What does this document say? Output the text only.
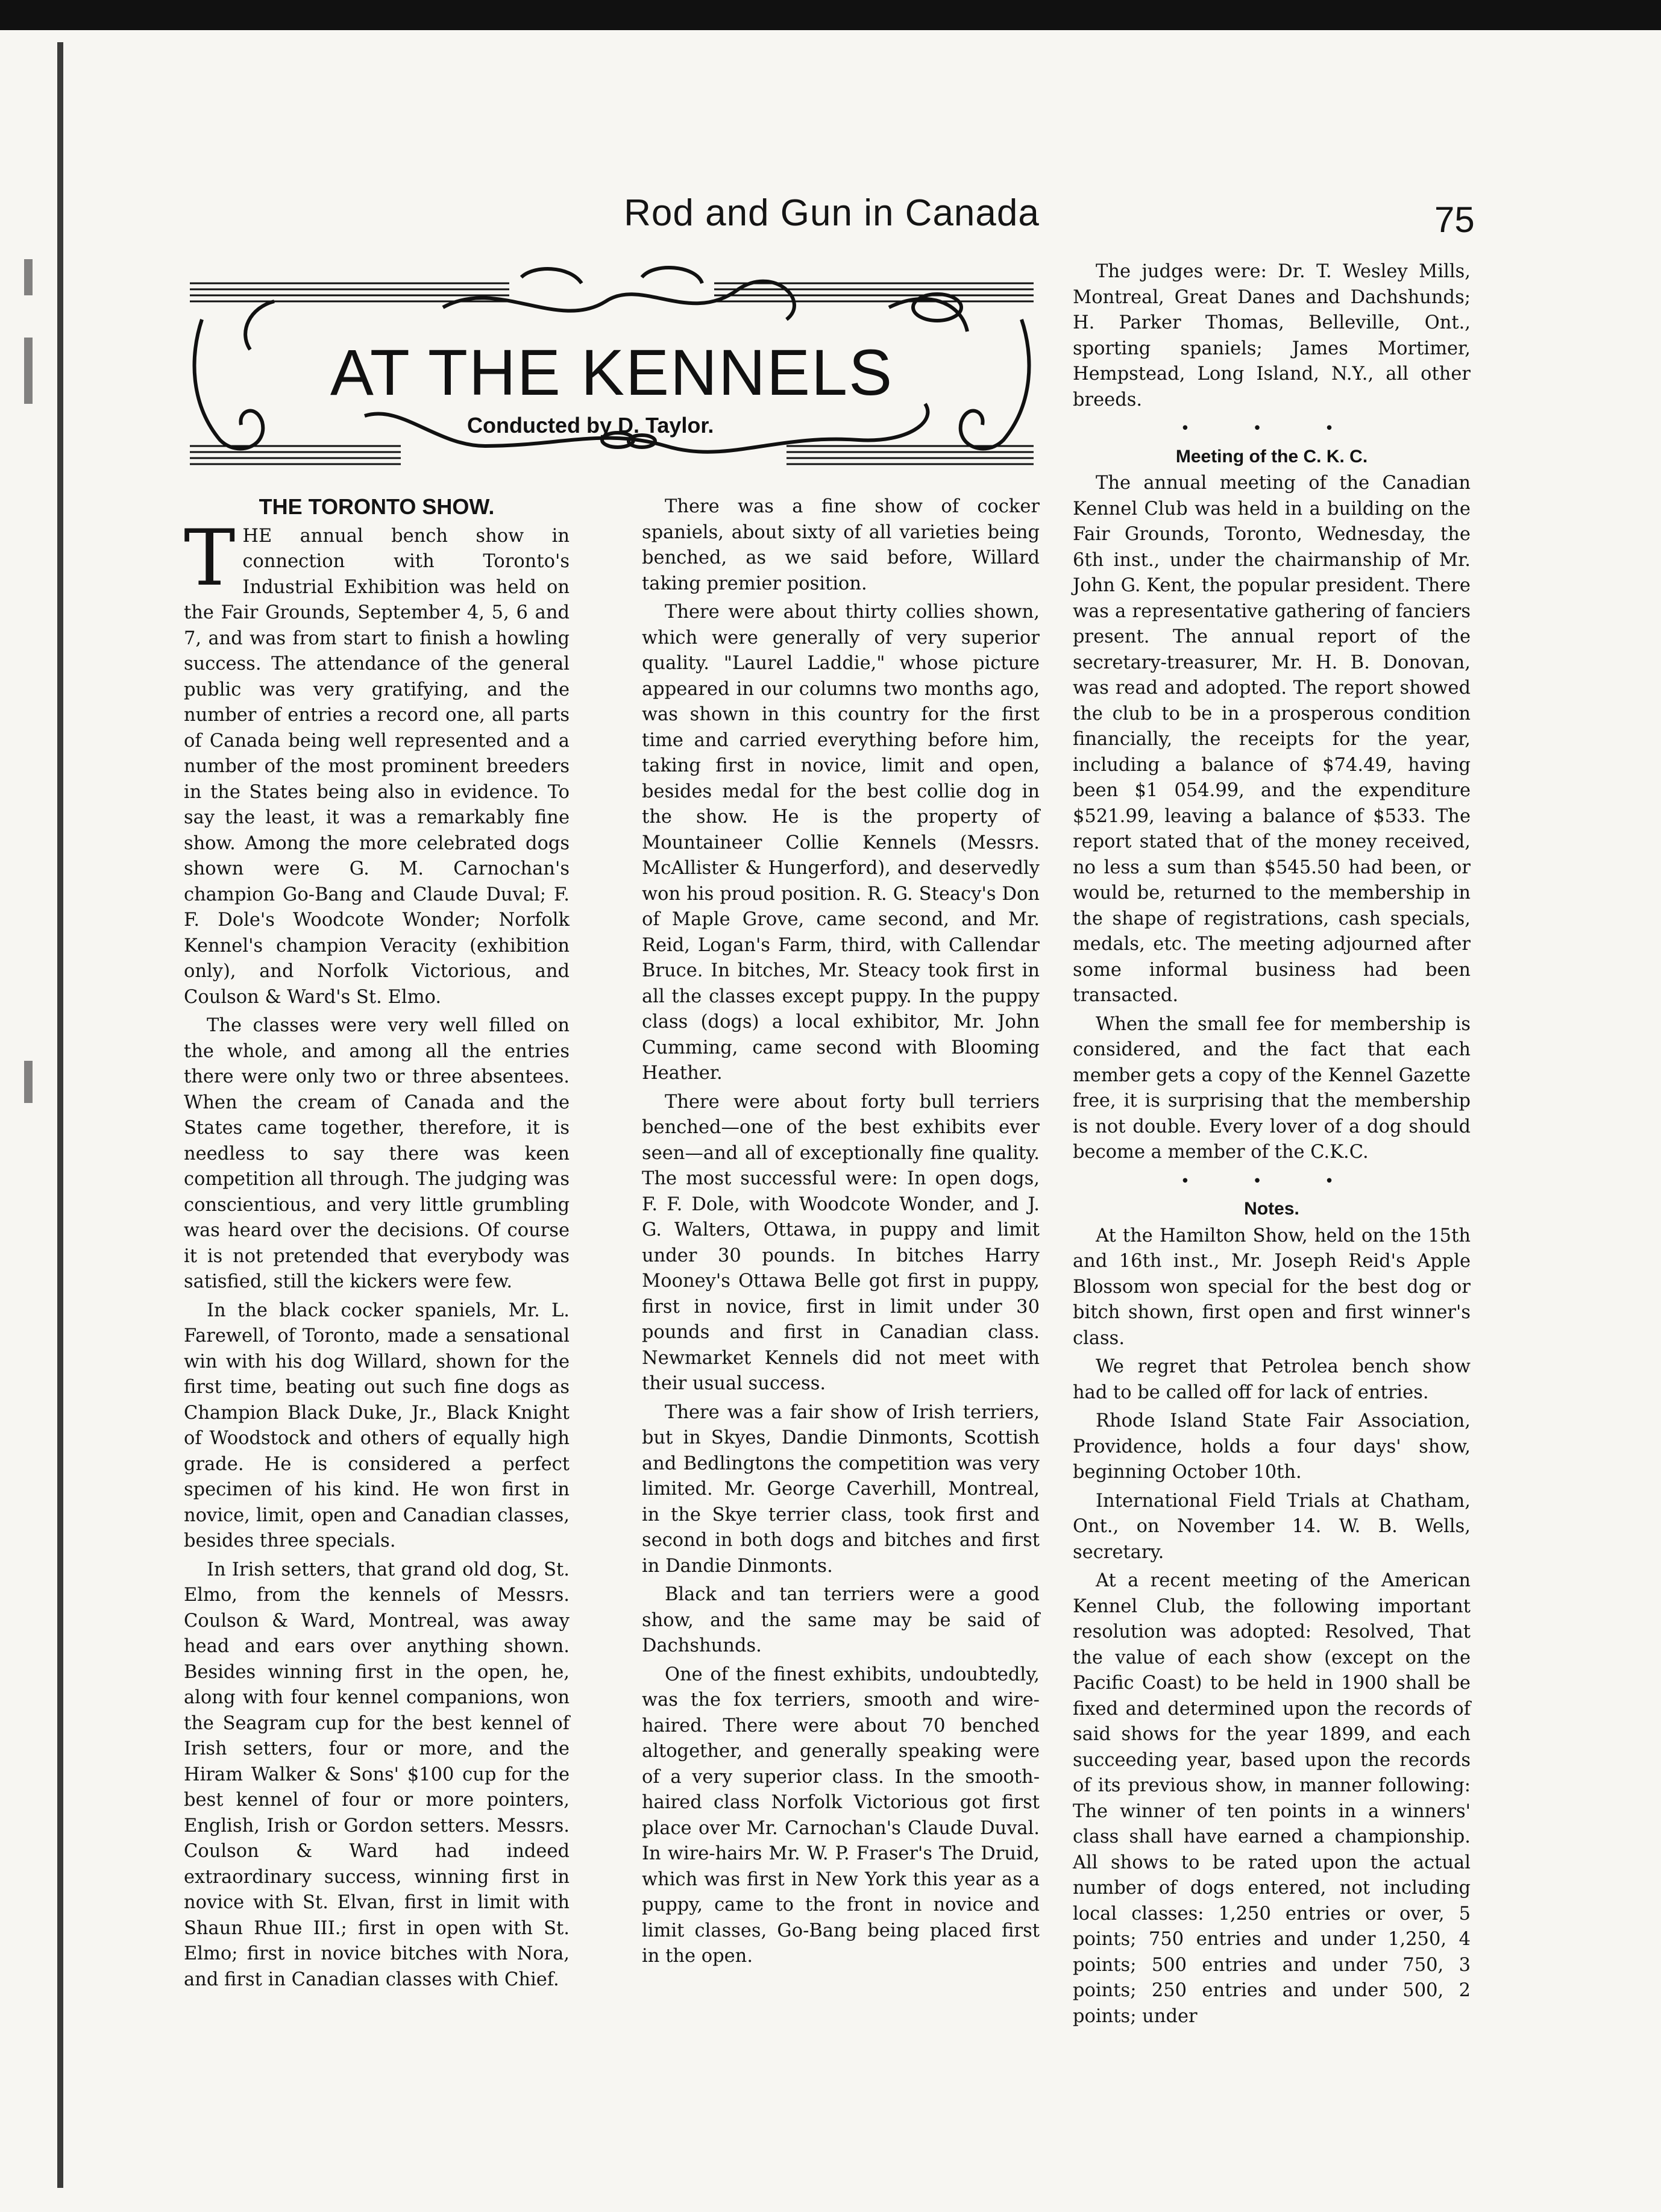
Rod and Gun in Canada	75
AT THE KENNELS
Conducted by D. Taylor.
THE TORONTO SHOW.

THE annual bench show in connection with Toronto's Industrial Exhibition was held on the Fair Grounds, September 4, 5, 6 and 7, and was from start to finish a howling success. The attendance of the general public was very gratifying, and the number of entries a record one, all parts of Canada being well represented and a number of the most prominent breeders in the States being also in evidence. To say the least, it was a remarkably fine show. Among the more celebrated dogs shown were G. M. Carnochan's champion Go-Bang and Claude Duval; F. F. Dole's Woodcote Wonder; Norfolk Kennel's champion Veracity (exhibition only), and Norfolk Victorious, and Coulson & Ward's St. Elmo.

The classes were very well filled on the whole, and among all the entries there were only two or three absentees. When the cream of Canada and the States came together, therefore, it is needless to say there was keen competition all through. The judging was conscientious, and very little grumbling was heard over the decisions. Of course it is not pretended that everybody was satisfied, still the kickers were few.

In the black cocker spaniels, Mr. L. Farewell, of Toronto, made a sensational win with his dog Willard, shown for the first time, beating out such fine dogs as Champion Black Duke, Jr., Black Knight of Woodstock and others of equally high grade. He is considered a perfect specimen of his kind. He won first in novice, limit, open and Canadian classes, besides three specials.

In Irish setters, that grand old dog, St. Elmo, from the kennels of Messrs. Coulson & Ward, Montreal, was away head and ears over anything shown. Besides winning first in the open, he, along with four kennel companions, won the Seagram cup for the best kennel of Irish setters, four or more, and the Hiram Walker & Sons' $100 cup for the best kennel of four or more pointers, English, Irish or Gordon setters. Messrs. Coulson & Ward had indeed extraordinary success, winning first in novice with St. Elvan, first in limit with Shaun Rhue III.; first in open with St. Elmo; first in novice bitches with Nora, and first in Canadian classes with Chief.

There was a fine show of cocker spaniels, about sixty of all varieties being benched, as we said before, Willard taking premier position.

There were about thirty collies shown, which were generally of very superior quality. "Laurel Laddie," whose picture appeared in our columns two months ago, was shown in this country for the first time and carried everything before him, taking first in novice, limit and open, besides medal for the best collie dog in the show. He is the property of Mountaineer Collie Kennels (Messrs. McAllister & Hungerford), and deservedly won his proud position. R. G. Steacy's Don of Maple Grove, came second, and Mr. Reid, Logan's Farm, third, with Callendar Bruce. In bitches, Mr. Steacy took first in all the classes except puppy. In the puppy class (dogs) a local exhibitor, Mr. John Cumming, came second with Blooming Heather.

There were about forty bull terriers benched—one of the best exhibits ever seen—and all of exceptionally fine quality. The most successful were: In open dogs, F. F. Dole, with Woodcote Wonder, and J. G. Walters, Ottawa, in puppy and limit under 30 pounds. In bitches Harry Mooney's Ottawa Belle got first in puppy, first in novice, first in limit under 30 pounds and first in Canadian class. Newmarket Kennels did not meet with their usual success.

There was a fair show of Irish terriers, but in Skyes, Dandie Dinmonts, Scottish and Bedlingtons the competition was very limited. Mr. George Caverhill, Montreal, in the Skye terrier class, took first and second in both dogs and bitches and first in Dandie Dinmonts.

Black and tan terriers were a good show, and the same may be said of Dachshunds.

One of the finest exhibits, undoubtedly, was the fox terriers, smooth and wire-haired. There were about 70 benched altogether, and generally speaking were of a very superior class. In the smooth-haired class Norfolk Victorious got first place over Mr. Carnochan's Claude Duval. In wire-hairs Mr. W. P. Fraser's The Druid, which was first in New York this year as a puppy, came to the front in novice and limit classes, Go-Bang being placed first in the open.

The judges were: Dr. T. Wesley Mills, Montreal, Great Danes and Dachshunds; H. Parker Thomas, Belleville, Ont., sporting spaniels; James Mortimer, Hempstead, Long Island, N.Y., all other breeds.

• • •
Meeting of the C. K. C.

The annual meeting of the Canadian Kennel Club was held in a building on the Fair Grounds, Toronto, Wednesday, the 6th inst., under the chairmanship of Mr. John G. Kent, the popular president. There was a representative gathering of fanciers present. The annual report of the secretary-treasurer, Mr. H. B. Donovan, was read and adopted. The report showed the club to be in a prosperous condition financially, the receipts for the year, including a balance of $74.49, having been $1 054.99, and the expenditure $521.99, leaving a balance of $533. The report stated that of the money received, no less a sum than $545.50 had been, or would be, returned to the membership in the shape of registrations, cash specials, medals, etc. The meeting adjourned after some informal business had been transacted.

When the small fee for membership is considered, and the fact that each member gets a copy of the Kennel Gazette free, it is surprising that the membership is not double. Every lover of a dog should become a member of the C.K.C.

• • •
Notes.

At the Hamilton Show, held on the 15th and 16th inst., Mr. Joseph Reid's Apple Blossom won special for the best dog or bitch shown, first open and first winner's class.

We regret that Petrolea bench show had to be called off for lack of entries.

Rhode Island State Fair Association, Providence, holds a four days' show, beginning October 10th.

International Field Trials at Chatham, Ont., on November 14. W. B. Wells, secretary.

At a recent meeting of the American Kennel Club, the following important resolution was adopted: Resolved, That the value of each show (except on the Pacific Coast) to be held in 1900 shall be fixed and determined upon the records of said shows for the year 1899, and each succeeding year, based upon the records of its previous show, in manner following: The winner of ten points in a winners' class shall have earned a championship. All shows to be rated upon the actual number of dogs entered, not including local classes: 1,250 entries or over, 5 points; 750 entries and under 1,250, 4 points; 500 entries and under 750, 3 points; 250 entries and under 500, 2 points; under
